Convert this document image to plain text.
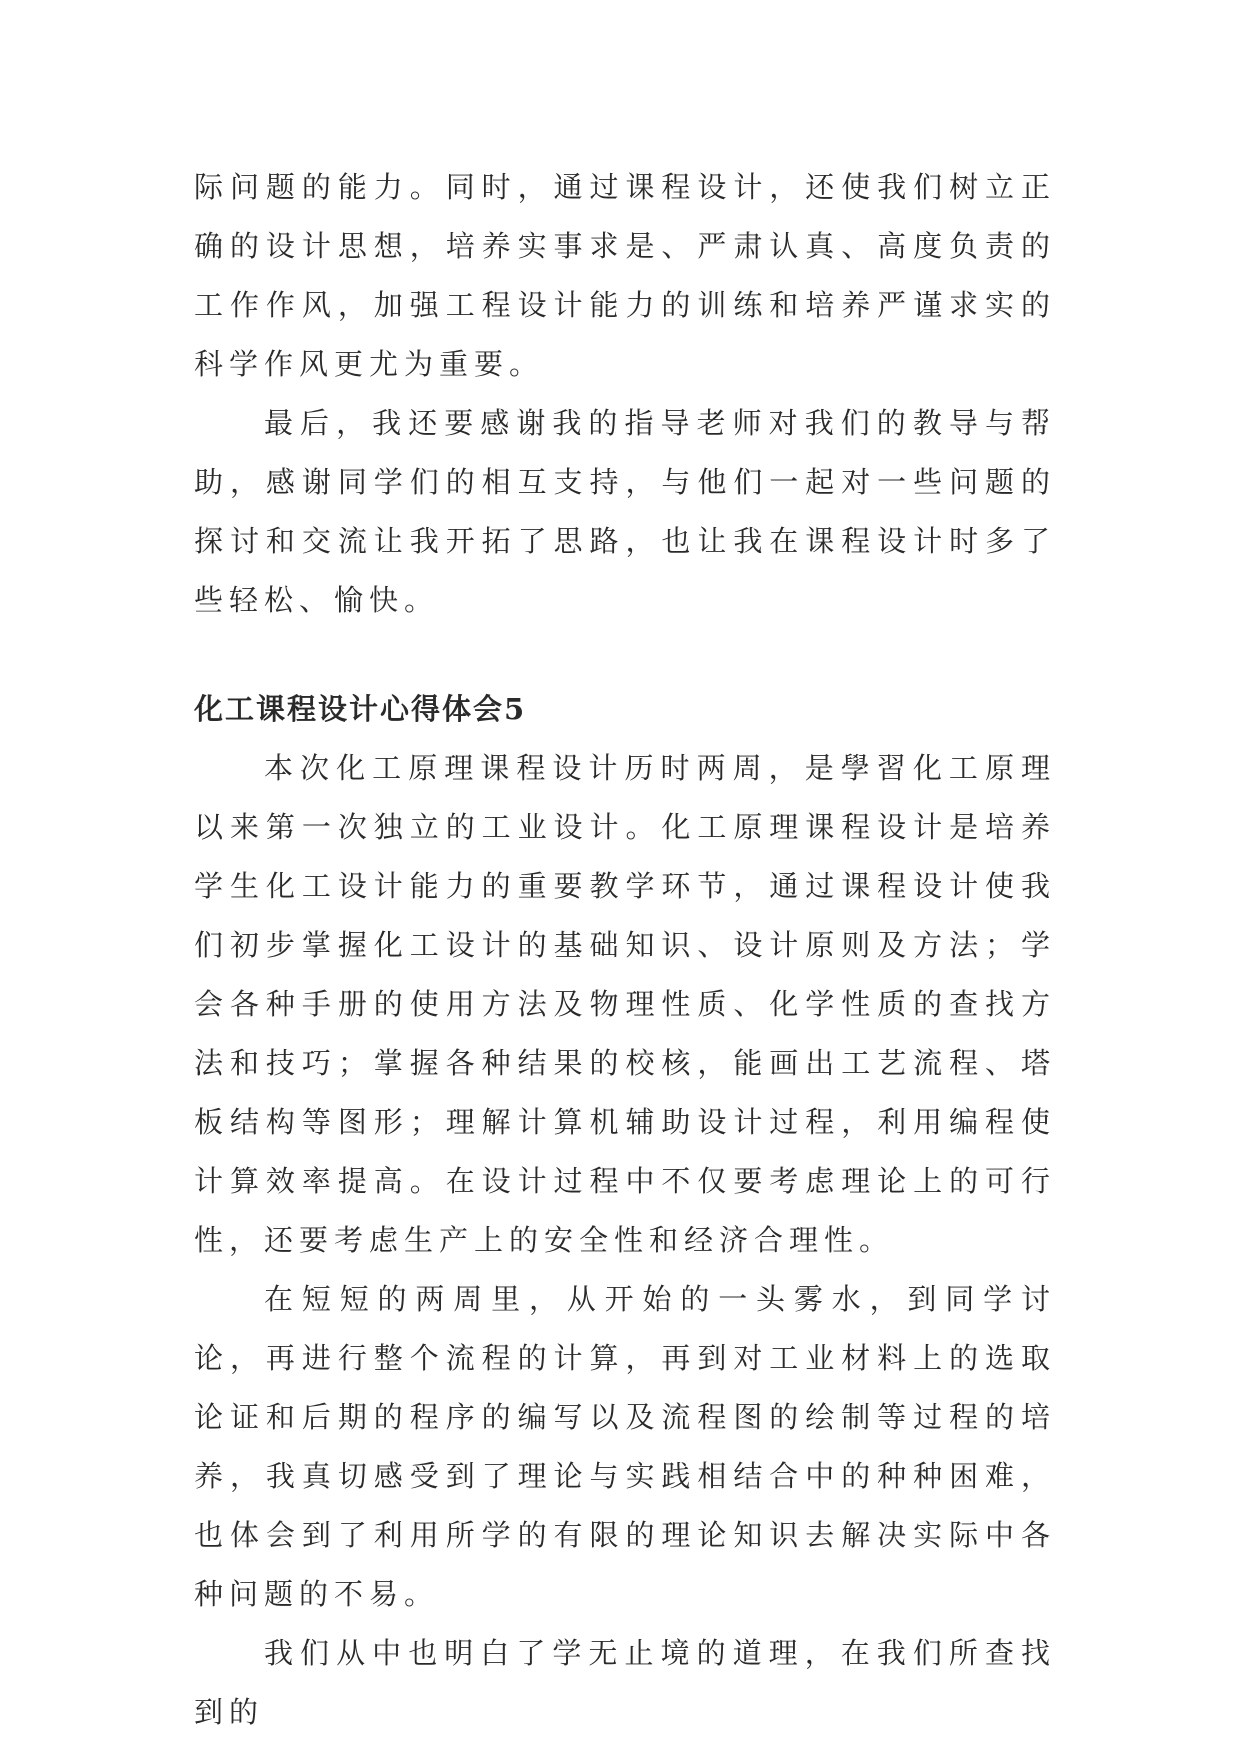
际问题的能力。同时，通过课程设计，还使我们树立正确的设计思想，培养实事求是、严肃认真、高度负责的工作作风，加强工程设计能力的训练和培养严谨求实的科学作风更尤为重要。

最后，我还要感谢我的指导老师对我们的教导与帮助，感谢同学们的相互支持，与他们一起对一些问题的探讨和交流让我开拓了思路，也让我在课程设计时多了些轻松、愉快。

化工课程设计心得体会5

本次化工原理课程设计历时两周，是學習化工原理以来第一次独立的工业设计。化工原理课程设计是培养学生化工设计能力的重要教学环节，通过课程设计使我们初步掌握化工设计的基础知识、设计原则及方法；学会各种手册的使用方法及物理性质、化学性质的查找方法和技巧；掌握各种结果的校核，能画出工艺流程、塔板结构等图形；理解计算机辅助设计过程，利用编程使计算效率提高。在设计过程中不仅要考虑理论上的可行性，还要考虑生产上的安全性和经济合理性。

在短短的两周里，从开始的一头雾水，到同学讨论，再进行整个流程的计算，再到对工业材料上的选取论证和后期的程序的编写以及流程图的绘制等过程的培养，我真切感受到了理论与实践相结合中的种种困难，也体会到了利用所学的有限的理论知识去解决实际中各种问题的不易。

我们从中也明白了学无止境的道理，在我们所查找到的
